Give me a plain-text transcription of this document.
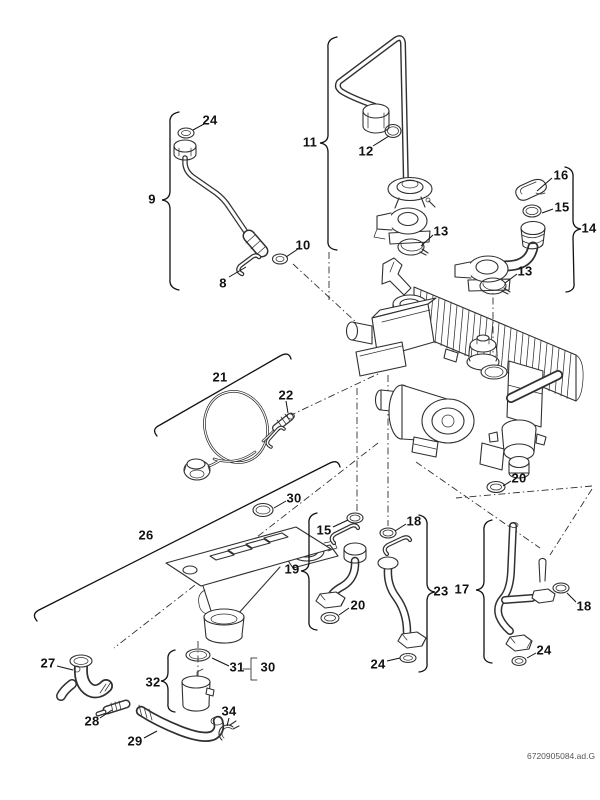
24
9
8
10
11
12
13
16
15
14
13
21
22
30
26	15
18
19
20
20
23 17
18
24
24
27	31 30
32
28
34
29
6720905084.ad.G
